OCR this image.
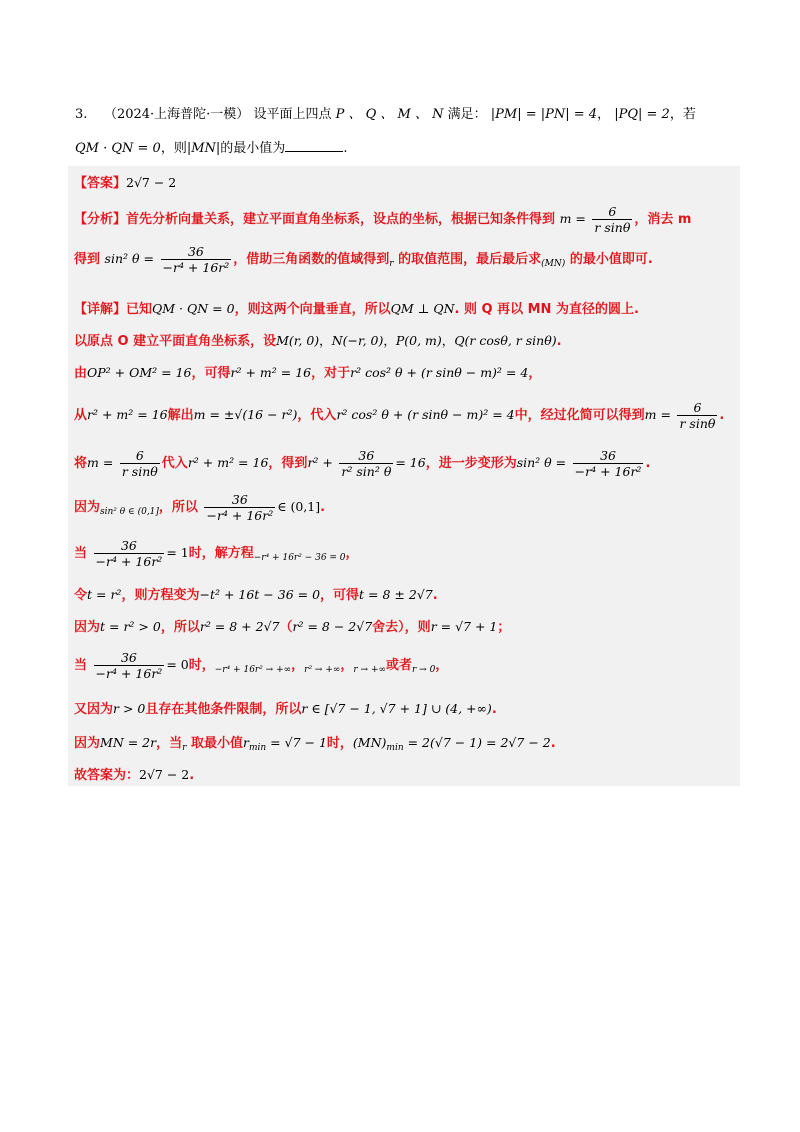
3. （2024·上海普陀·一模） 设平面上四点 P 、 Q 、 M 、 N 满足： |PM| = |PN| = 4， |PQ| = 2，若
QM · QN = 0，则|MN|的最小值为	.
【答案】2√7 − 2
【分析】首先分析向量关系，建立平面直角坐标系，设点的坐标，根据已知条件得到 $m = \frac{6}{\text{r sinθ}}$ ，消去 m
得到 sin² $\theta = \frac{36}{\text{−r⁴ + 16r²}}$ ，借助三角函数的值域得到$_r$ 的取值范围，最后最后求$_{(MN)}$ 的最小值即可.
【详解】已知QM · QN = 0，则这两个向量垂直，所以QM ⊥ QN. 则 Q 再以 MN 为直径的圆上.
以原点 O 建立平面直角坐标系，设M(r, 0)，N(−r, 0)，P(0, m)，Q(r cosθ, r sinθ).
由OP² + OM² = 16，可得r² + m² = 16，对于r² cos² θ + (r sinθ − m)² = 4，
从r² + m² = 16解出m = ±√(16 − r²)，代入r² cos² θ + (r sinθ − m)² = 4中，经过化简可以得到$m = \frac{6}{\text{r sinθ}}$ .
将$m = \frac{6}{\text{r sinθ}}$ 代入r² + m² = 16，得到$r^2 + \frac{36}{\text{r² sin² θ}} = 16$，进一步变形为sin² $\theta = \frac{36}{\text{−r⁴ + 16r²}}$ .
因为$_{sin^2 \theta \in (0,1]}$，所以 $\frac{36}{\text{−r⁴ + 16r²}}$ ∈ (0,1].
当 $\frac{36}{\text{−r⁴ + 16r²}} = 1$时，解方程$_{-r^4 + 16r^2 - 36 = 0}$，
令t = r²，则方程变为−t² + 16t − 36 = 0，可得t = 8 ± 2√7.
因为t = r² > 0，所以r² = 8 + 2√7（r² = 8 − 2√7舍去），则r = √7 + 1；
当 $\frac{36}{\text{−r⁴ + 16r²}} = 0$时，$_{-r^4 + 16r^2 \to +\infty}$，$_{r^2 \to +\infty}$，$_{r \to +\infty}$或者$_{r \to 0}$，
又因为r > 0且存在其他条件限制，所以r ∈ [√7 − 1, √7 + 1] ∪ (4, +∞).
因为MN = 2r，当$_r$ 取最小值$r_{min} = √7 - 1$时，$(MN)_{min} = 2(√7 - 1) = 2√7 - 2$.
故答案为：2√7 − 2.
